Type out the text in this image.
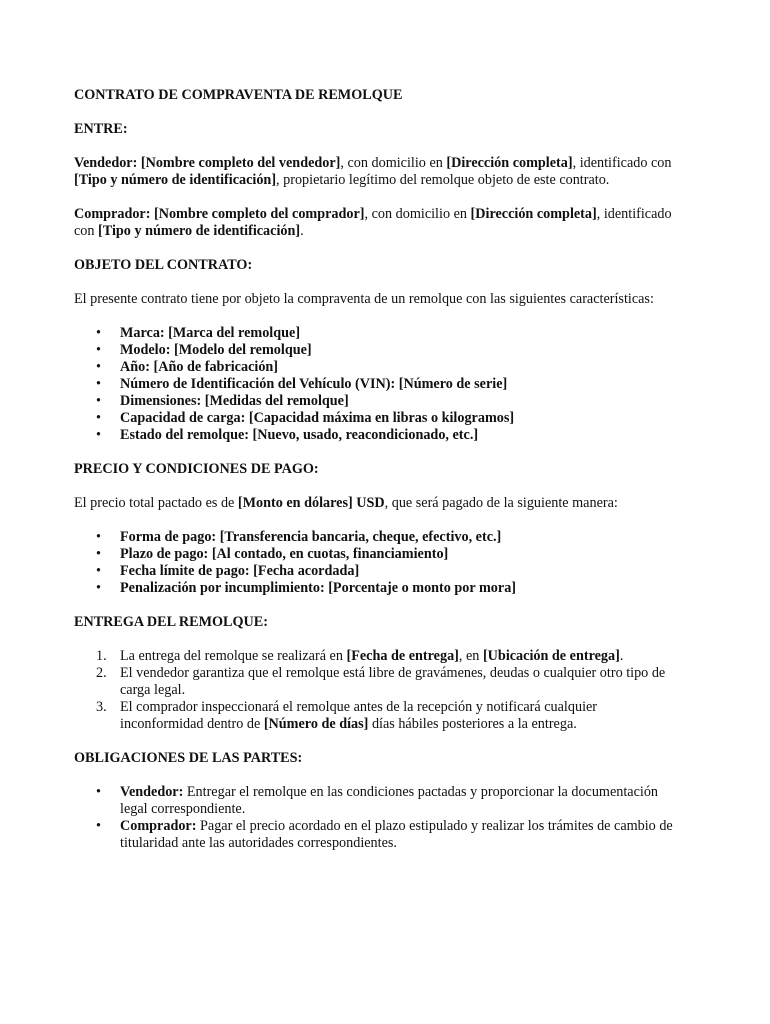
CONTRATO DE COMPRAVENTA DE REMOLQUE
ENTRE:
Vendedor: [Nombre completo del vendedor], con domicilio en [Dirección completa], identificado con [Tipo y número de identificación], propietario legítimo del remolque objeto de este contrato.
Comprador: [Nombre completo del comprador], con domicilio en [Dirección completa], identificado con [Tipo y número de identificación].
OBJETO DEL CONTRATO:
El presente contrato tiene por objeto la compraventa de un remolque con las siguientes características:
• Marca: [Marca del remolque]
• Modelo: [Modelo del remolque]
• Año: [Año de fabricación]
• Número de Identificación del Vehículo (VIN): [Número de serie]
• Dimensiones: [Medidas del remolque]
• Capacidad de carga: [Capacidad máxima en libras o kilogramos]
• Estado del remolque: [Nuevo, usado, reacondicionado, etc.]
PRECIO Y CONDICIONES DE PAGO:
El precio total pactado es de [Monto en dólares] USD, que será pagado de la siguiente manera:
• Forma de pago: [Transferencia bancaria, cheque, efectivo, etc.]
• Plazo de pago: [Al contado, en cuotas, financiamiento]
• Fecha límite de pago: [Fecha acordada]
• Penalización por incumplimiento: [Porcentaje o monto por mora]
ENTREGA DEL REMOLQUE:
1. La entrega del remolque se realizará en [Fecha de entrega], en [Ubicación de entrega].
2. El vendedor garantiza que el remolque está libre de gravámenes, deudas o cualquier otro tipo de carga legal.
3. El comprador inspeccionará el remolque antes de la recepción y notificará cualquier inconformidad dentro de [Número de días] días hábiles posteriores a la entrega.
OBLIGACIONES DE LAS PARTES:
• Vendedor: Entregar el remolque en las condiciones pactadas y proporcionar la documentación legal correspondiente.
• Comprador: Pagar el precio acordado en el plazo estipulado y realizar los trámites de cambio de titularidad ante las autoridades correspondientes.
